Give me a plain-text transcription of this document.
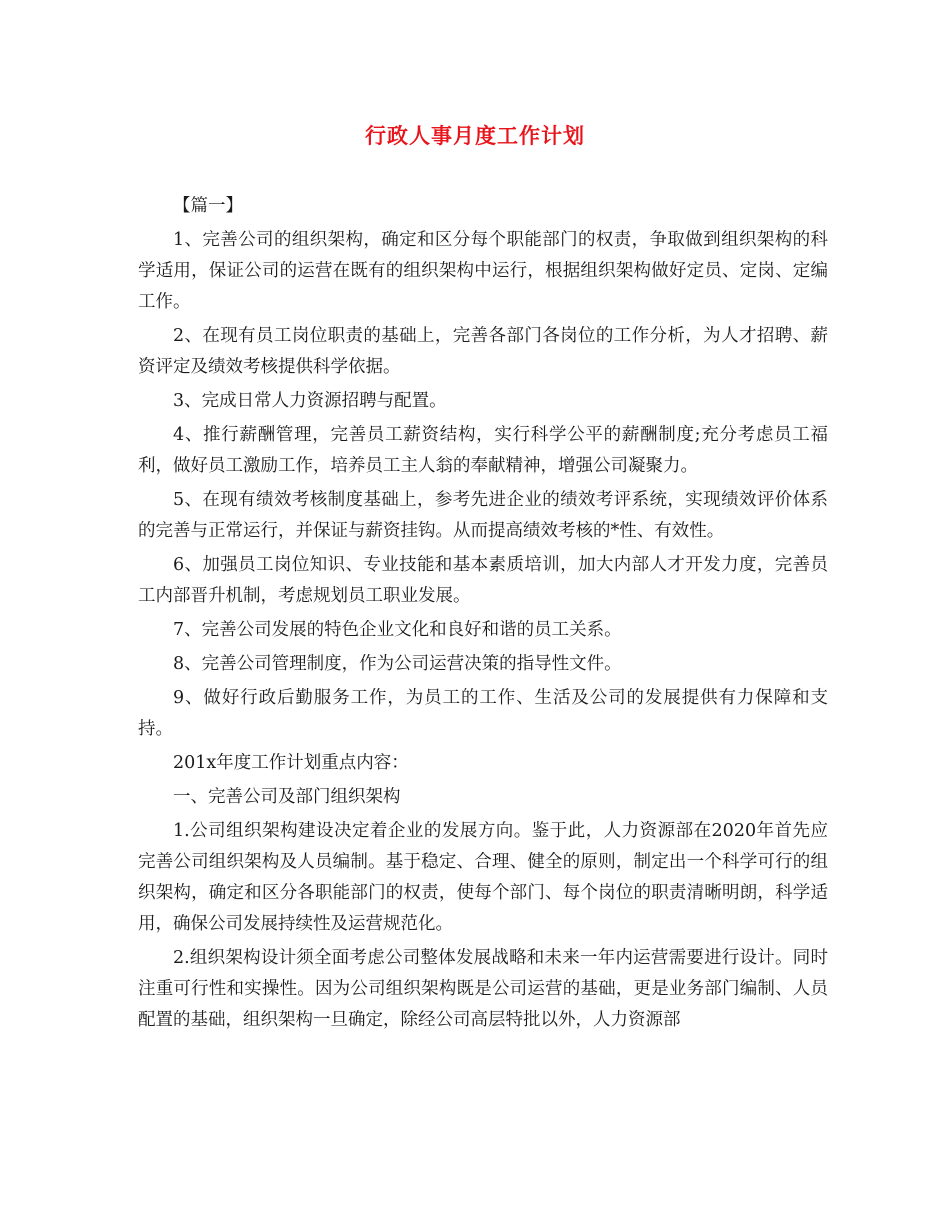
行政人事月度工作计划

【篇一】

1、完善公司的组织架构，确定和区分每个职能部门的权责，争取做到组织架构的科学适用，保证公司的运营在既有的组织架构中运行，根据组织架构做好定员、定岗、定编工作。

2、在现有员工岗位职责的基础上，完善各部门各岗位的工作分析，为人才招聘、薪资评定及绩效考核提供科学依据。

3、完成日常人力资源招聘与配置。

4、推行薪酬管理，完善员工薪资结构，实行科学公平的薪酬制度;充分考虑员工福利，做好员工激励工作，培养员工主人翁的奉献精神，增强公司凝聚力。

5、在现有绩效考核制度基础上，参考先进企业的绩效考评系统，实现绩效评价体系的完善与正常运行，并保证与薪资挂钩。从而提高绩效考核的*性、有效性。

6、加强员工岗位知识、专业技能和基本素质培训，加大内部人才开发力度，完善员工内部晋升机制，考虑规划员工职业发展。

7、完善公司发展的特色企业文化和良好和谐的员工关系。

8、完善公司管理制度，作为公司运营决策的指导性文件。

9、做好行政后勤服务工作，为员工的工作、生活及公司的发展提供有力保障和支持。

201x年度工作计划重点内容：

一、完善公司及部门组织架构

1.公司组织架构建设决定着企业的发展方向。鉴于此，人力资源部在2020年首先应完善公司组织架构及人员编制。基于稳定、合理、健全的原则，制定出一个科学可行的组织架构，确定和区分各职能部门的权责，使每个部门、每个岗位的职责清晰明朗，科学适用，确保公司发展持续性及运营规范化。

2.组织架构设计须全面考虑公司整体发展战略和未来一年内运营需要进行设计。同时注重可行性和实操性。因为公司组织架构既是公司运营的基础，更是业务部门编制、人员配置的基础，组织架构一旦确定，除经公司高层特批以外，人力资源部
